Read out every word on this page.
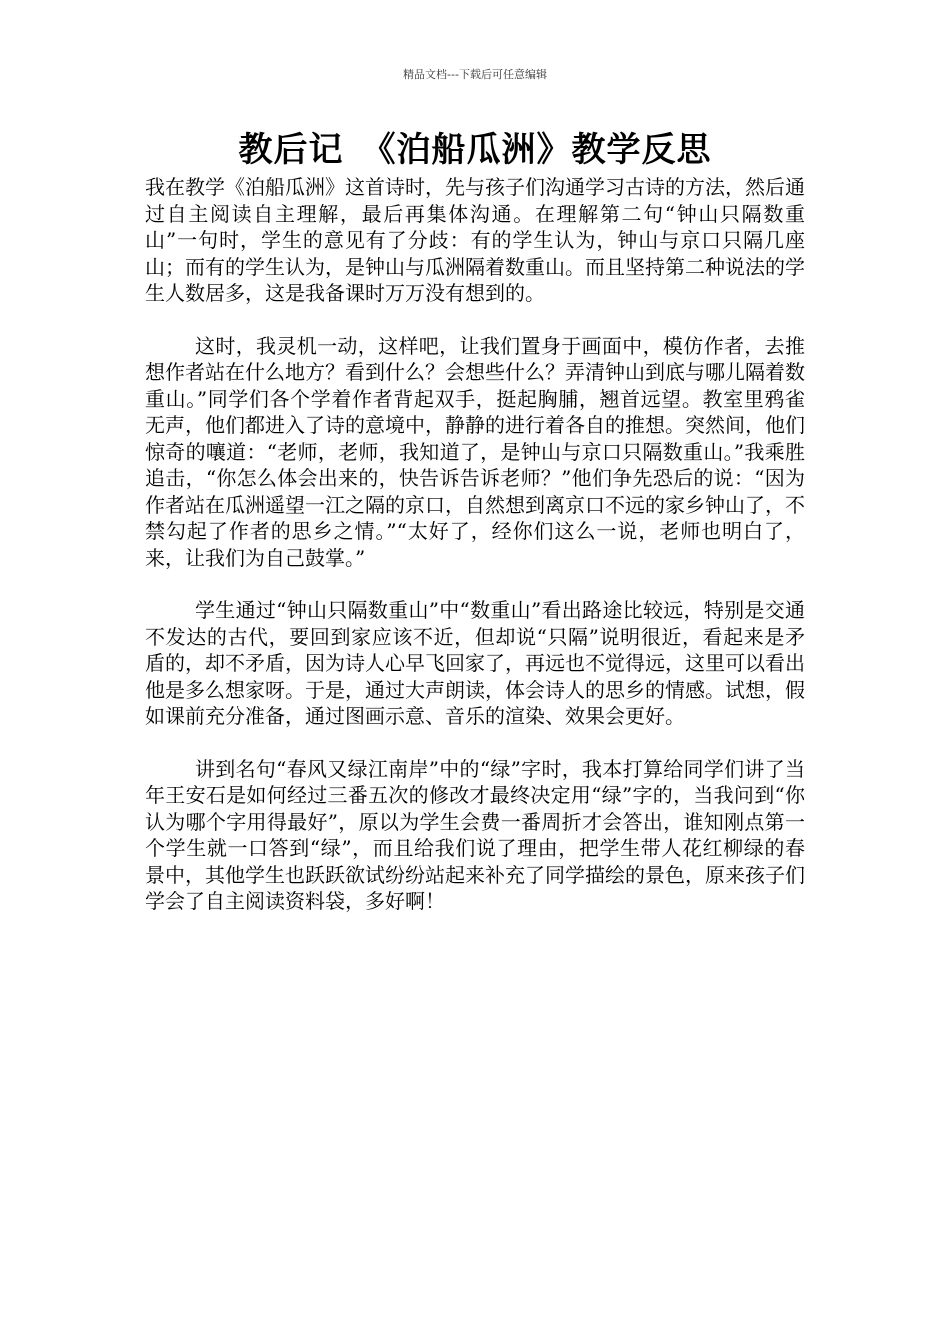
精品文档---下载后可任意编辑
教后记　《泊船瓜洲》教学反思

我在教学《泊船瓜洲》这首诗时，先与孩子们沟通学习古诗的方法，然后通过自主阅读自主理解，最后再集体沟通。在理解第二句“钟山只隔数重山”一句时，学生的意见有了分歧：有的学生认为，钟山与京口只隔几座山；而有的学生认为，是钟山与瓜洲隔着数重山。而且坚持第二种说法的学生人数居多，这是我备课时万万没有想到的。

这时，我灵机一动，这样吧，让我们置身于画面中，模仿作者，去推想作者站在什么地方？看到什么？会想些什么？弄清钟山到底与哪儿隔着数重山。”同学们各个学着作者背起双手，挺起胸脯，翘首远望。教室里鸦雀无声，他们都进入了诗的意境中，静静的进行着各自的推想。突然间，他们惊奇的嚷道：“老师，老师，我知道了，是钟山与京口只隔数重山。”我乘胜追击，“你怎么体会出来的，快告诉告诉老师？”他们争先恐后的说：“因为作者站在瓜洲遥望一江之隔的京口，自然想到离京口不远的家乡钟山了，不禁勾起了作者的思乡之情。”“太好了，经你们这么一说，老师也明白了，来，让我们为自己鼓掌。”

学生通过“钟山只隔数重山”中“数重山”看出路途比较远，特别是交通不发达的古代，要回到家应该不近，但却说“只隔”说明很近，看起来是矛盾的，却不矛盾，因为诗人心早飞回家了，再远也不觉得远，这里可以看出他是多么想家呀。于是，通过大声朗读，体会诗人的思乡的情感。试想，假如课前充分准备，通过图画示意、音乐的渲染、效果会更好。

讲到名句“春风又绿江南岸”中的“绿”字时，我本打算给同学们讲了当年王安石是如何经过三番五次的修改才最终决定用“绿”字的，当我问到“你认为哪个字用得最好”，原以为学生会费一番周折才会答出，谁知刚点第一个学生就一口答到“绿”，而且给我们说了理由，把学生带人花红柳绿的春景中，其他学生也跃跃欲试纷纷站起来补充了同学描绘的景色，原来孩子们学会了自主阅读资料袋，多好啊！
